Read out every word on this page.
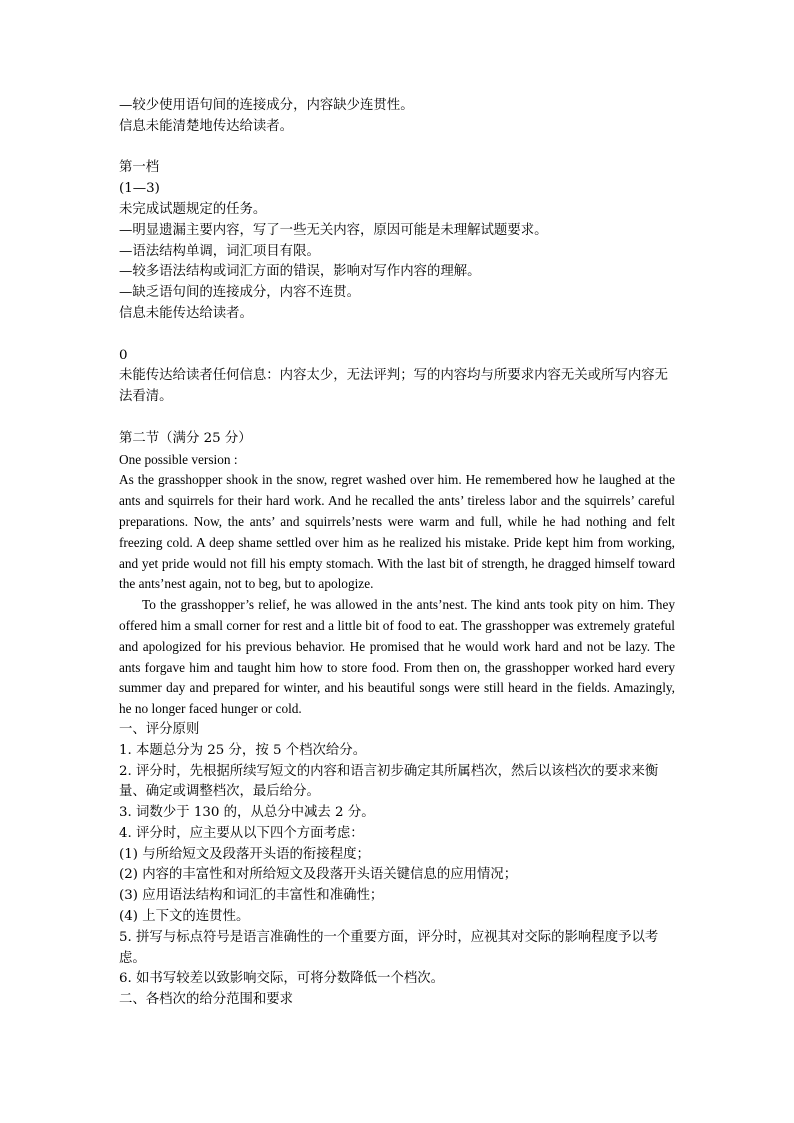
—较少使用语句间的连接成分，内容缺少连贯性。
信息未能清楚地传达给读者。
第一档
(1—3)
未完成试题规定的任务。
—明显遗漏主要内容，写了一些无关内容，原因可能是未理解试题要求。
—语法结构单调，词汇项目有限。
—较多语法结构或词汇方面的错误，影响对写作内容的理解。
—缺乏语句间的连接成分，内容不连贯。
信息未能传达给读者。
0
未能传达给读者任何信息：内容太少，无法评判；写的内容均与所要求内容无关或所写内容无法看清。
第二节（满分 25 分）
One possible version :

As the grasshopper shook in the snow, regret washed over him. He remembered how he laughed at the ants and squirrels for their hard work. And he recalled the ants’ tireless labor and the squirrels’ careful preparations. Now, the ants’ and squirrels’nests were warm and full, while he had nothing and felt freezing cold. A deep shame settled over him as he realized his mistake. Pride kept him from working, and yet pride would not fill his empty stomach. With the last bit of strength, he dragged himself toward the ants’nest again, not to beg, but to apologize.

To the grasshopper’s relief, he was allowed in the ants’nest. The kind ants took pity on him. They offered him a small corner for rest and a little bit of food to eat. The grasshopper was extremely grateful and apologized for his previous behavior. He promised that he would work hard and not be lazy. The ants forgave him and taught him how to store food. From then on, the grasshopper worked hard every summer day and prepared for winter, and his beautiful songs were still heard in the fields. Amazingly, he no longer faced hunger or cold.

一、评分原则
1. 本题总分为 25 分，按 5 个档次给分。
2. 评分时，先根据所续写短文的内容和语言初步确定其所属档次，然后以该档次的要求来衡量、确定或调整档次，最后给分。
3. 词数少于 130 的，从总分中减去 2 分。
4. 评分时，应主要从以下四个方面考虑：
(1) 与所给短文及段落开头语的衔接程度；
(2) 内容的丰富性和对所给短文及段落开头语关键信息的应用情况；
(3) 应用语法结构和词汇的丰富性和准确性；
(4) 上下文的连贯性。
5. 拼写与标点符号是语言准确性的一个重要方面，评分时，应视其对交际的影响程度予以考虑。
6. 如书写较差以致影响交际，可将分数降低一个档次。
二、各档次的给分范围和要求
